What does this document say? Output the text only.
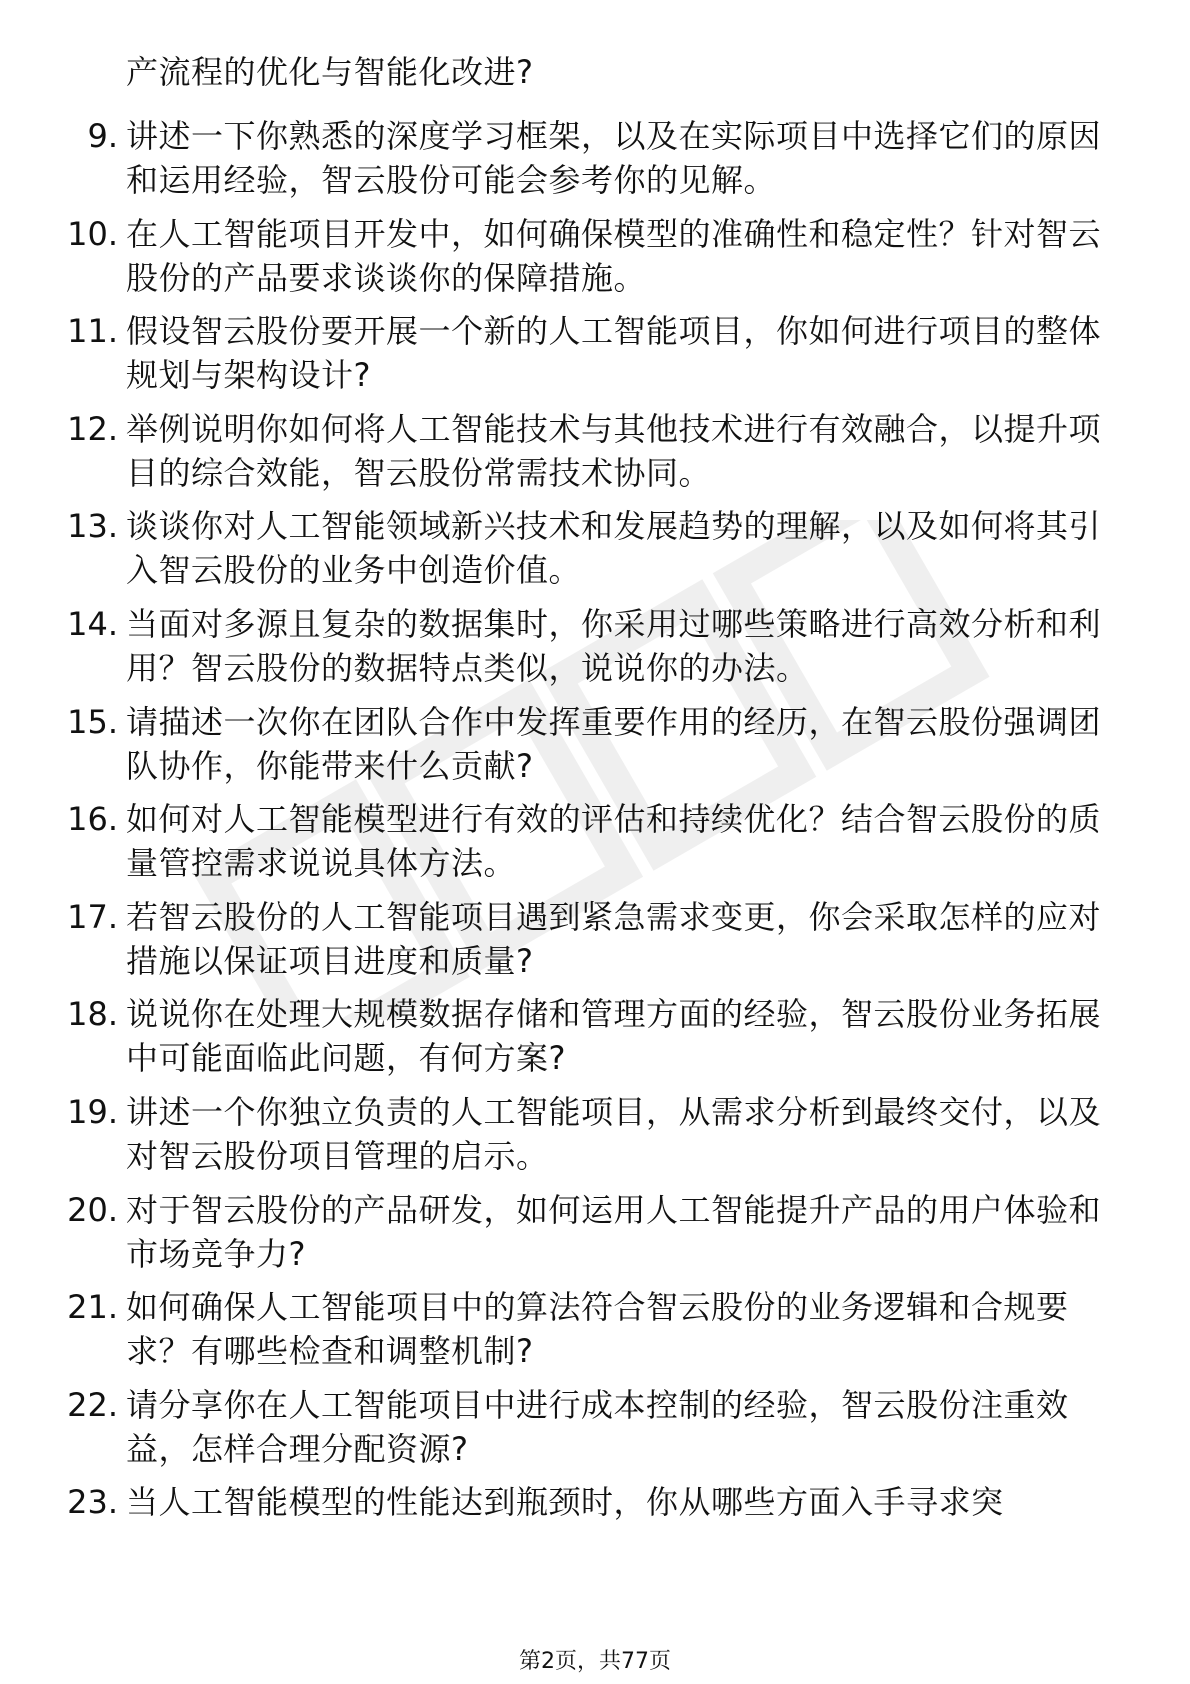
产流程的优化与智能化改进?
9. 讲述一下你熟悉的深度学习框架，以及在实际项目中选择它们的原因和运用经验，智云股份可能会参考你的见解。
10. 在人工智能项目开发中，如何确保模型的准确性和稳定性？针对智云股份的产品要求谈谈你的保障措施。
11. 假设智云股份要开展一个新的人工智能项目，你如何进行项目的整体规划与架构设计?
12. 举例说明你如何将人工智能技术与其他技术进行有效融合，以提升项目的综合效能，智云股份常需技术协同。
13. 谈谈你对人工智能领域新兴技术和发展趋势的理解，以及如何将其引入智云股份的业务中创造价值。
14. 当面对多源且复杂的数据集时，你采用过哪些策略进行高效分析和利用？智云股份的数据特点类似，说说你的办法。
15. 请描述一次你在团队合作中发挥重要作用的经历，在智云股份强调团队协作，你能带来什么贡献?
16. 如何对人工智能模型进行有效的评估和持续优化？结合智云股份的质量管控需求说说具体方法。
17. 若智云股份的人工智能项目遇到紧急需求变更，你会采取怎样的应对措施以保证项目进度和质量?
18. 说说你在处理大规模数据存储和管理方面的经验，智云股份业务拓展中可能面临此问题，有何方案?
19. 讲述一个你独立负责的人工智能项目，从需求分析到最终交付，以及对智云股份项目管理的启示。
20. 对于智云股份的产品研发，如何运用人工智能提升产品的用户体验和市场竞争力?
21. 如何确保人工智能项目中的算法符合智云股份的业务逻辑和合规要求？有哪些检查和调整机制?
22. 请分享你在人工智能项目中进行成本控制的经验，智云股份注重效益，怎样合理分配资源?
23. 当人工智能模型的性能达到瓶颈时，你从哪些方面入手寻求突
第2页，共77页
